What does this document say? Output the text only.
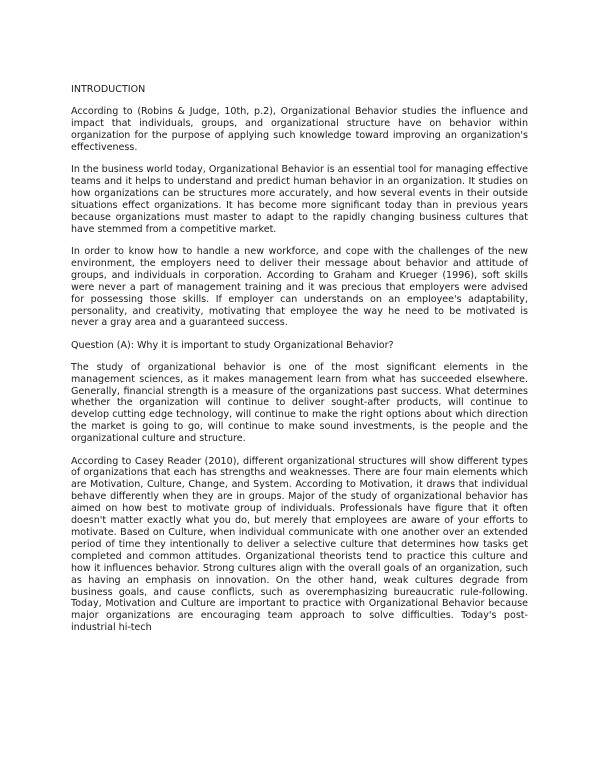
INTRODUCTION

According to (Robins & Judge, 10th, p.2), Organizational Behavior studies the influence and impact that individuals, groups, and organizational structure have on behavior within organization for the purpose of applying such knowledge toward improving an organization's effectiveness.

In the business world today, Organizational Behavior is an essential tool for managing effective teams and it helps to understand and predict human behavior in an organization. It studies on how organizations can be structures more accurately, and how several events in their outside situations effect organizations. It has become more significant today than in previous years because organizations must master to adapt to the rapidly changing business cultures that have stemmed from a competitive market.

In order to know how to handle a new workforce, and cope with the challenges of the new environment, the employers need to deliver their message about behavior and attitude of groups, and individuals in corporation. According to Graham and Krueger (1996), soft skills were never a part of management training and it was precious that employers were advised for possessing those skills. If employer can understands on an employee's adaptability, personality, and creativity, motivating that employee the way he need to be motivated is never a gray area and a guaranteed success.

Question (A): Why it is important to study Organizational Behavior?

The study of organizational behavior is one of the most significant elements in the management sciences, as it makes management learn from what has succeeded elsewhere. Generally, financial strength is a measure of the organizations past success. What determines whether the organization will continue to deliver sought-after products, will continue to develop cutting edge technology, will continue to make the right options about which direction the market is going to go, will continue to make sound investments, is the people and the organizational culture and structure.

According to Casey Reader (2010), different organizational structures will show different types of organizations that each has strengths and weaknesses. There are four main elements which are Motivation, Culture, Change, and System. According to Motivation, it draws that individual behave differently when they are in groups. Major of the study of organizational behavior has aimed on how best to motivate group of individuals. Professionals have figure that it often doesn't matter exactly what you do, but merely that employees are aware of your efforts to motivate. Based on Culture, when individual communicate with one another over an extended period of time they intentionally to deliver a selective culture that determines how tasks get completed and common attitudes. Organizational theorists tend to practice this culture and how it influences behavior. Strong cultures align with the overall goals of an organization, such as having an emphasis on innovation. On the other hand, weak cultures degrade from business goals, and cause conflicts, such as overemphasizing bureaucratic rule-following. Today, Motivation and Culture are important to practice with Organizational Behavior because major organizations are encouraging team approach to solve difficulties. Today's post-industrial hi-tech
